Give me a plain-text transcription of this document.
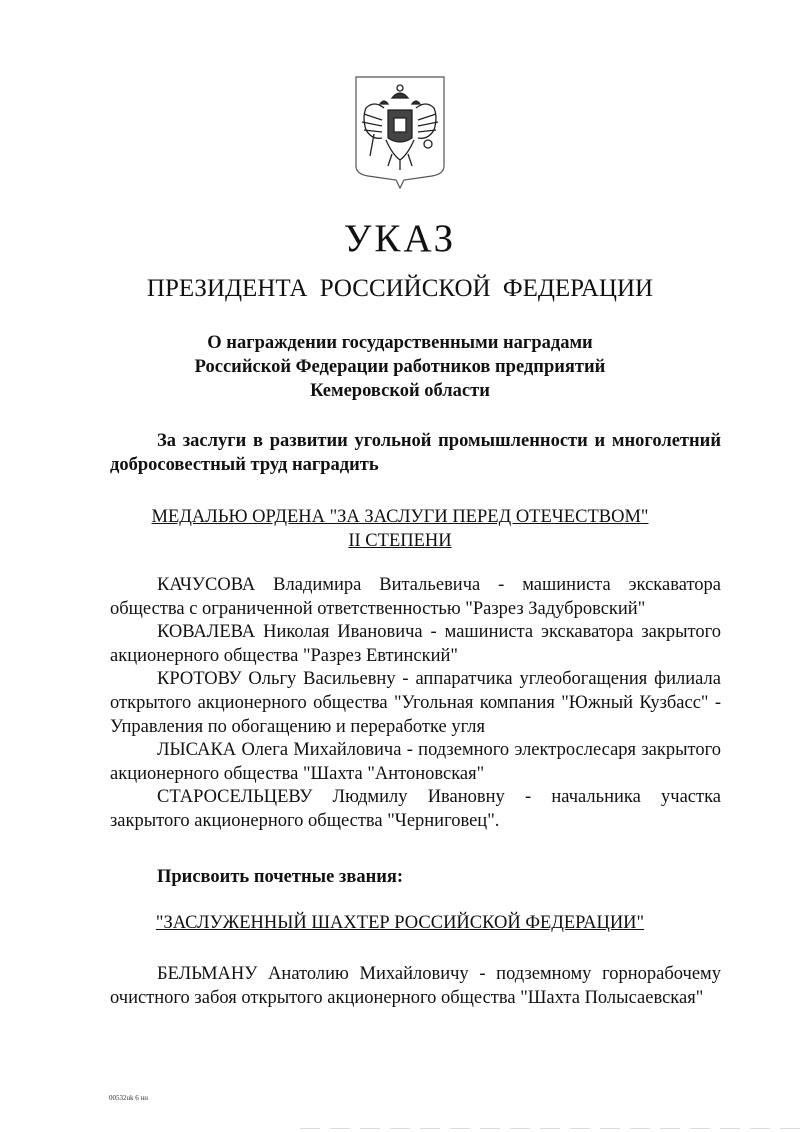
УКАЗ
ПРЕЗИДЕНТА РОССИЙСКОЙ ФЕДЕРАЦИИ
О награждении государственными наградами
Российской Федерации работников предприятий
Кемеровской области
За заслуги в развитии угольной промышленности и многолетний добросовестный труд наградить
МЕДАЛЬЮ ОРДЕНА "ЗА ЗАСЛУГИ ПЕРЕД ОТЕЧЕСТВОМ"
II СТЕПЕНИ
КАЧУСОВА Владимира Витальевича - машиниста экскаватора общества с ограниченной ответственностью "Разрез Задубровский"
КОВАЛЕВА Николая Ивановича - машиниста экскаватора закрытого акционерного общества "Разрез Евтинский"
КРОТОВУ Ольгу Васильевну - аппаратчика углеобогащения филиала открытого акционерного общества "Угольная компания "Южный Кузбасс" - Управления по обогащению и переработке угля
ЛЫСАКА Олега Михайловича - подземного электрослесаря закрытого акционерного общества "Шахта "Антоновская"
СТАРОСЕЛЬЦЕВУ Людмилу Ивановну - начальника участка закрытого акционерного общества "Черниговец".
Присвоить почетные звания:
"ЗАСЛУЖЕННЫЙ ШАХТЕР РОССИЙСКОЙ ФЕДЕРАЦИИ"
БЕЛЬМАНУ Анатолию Михайловичу - подземному горнорабочему очистного забоя открытого акционерного общества "Шахта Полысаевская"
00532uk 6 нн
